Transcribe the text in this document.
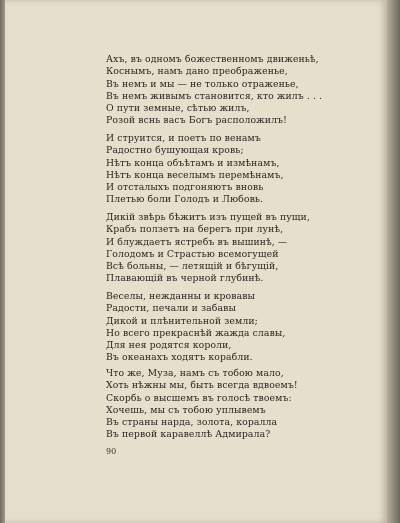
Ахъ, въ одномъ божественномъ движеньѣ,
Коснымъ, намъ дано преображенье,
Въ немъ и мы — не только отраженье,
Въ немъ живымъ становится, кто жилъ . . .
О пути земные, сѣтью жилъ,
Розой вснь васъ Богъ расположилъ!
И струится, и поетъ по венамъ
Радостно бушующая кровь;
Нѣтъ конца объѣтамъ и измѣнамъ,
Нѣтъ конца веселымъ перемѣнамъ,
И отсталыхъ подгоняютъ вновь
Плетью боли Голодъ и Любовь.
Дикій звѣрь бѣжитъ изъ пущей въ пущи,
Крабъ ползетъ на берегъ при лунѣ,
И блуждаетъ ястребъ въ вышинѣ, —
Голодомъ и Страстью всемогущей
Всѣ больны, — летящій и бѣгущій,
Плавающій въ черной глубинѣ.
Веселы, нежданны и кровавы
Радости, печали и забавы
Дикой и плѣнительной земли;
Но всего прекраснѣй жажда славы,
Для нея родятся короли,
Въ океанахъ ходятъ корабли.
Что же, Муза, намъ съ тобою мало,
Хоть нѣжны мы, быть всегда вдвоемъ!
Скорбь о высшемъ въ голосѣ твоемъ:
Хочешь, мы съ тобою уплывемъ
Въ страны нарда, золота, коралла
Въ первой каравеллѣ Адмирала?
90
